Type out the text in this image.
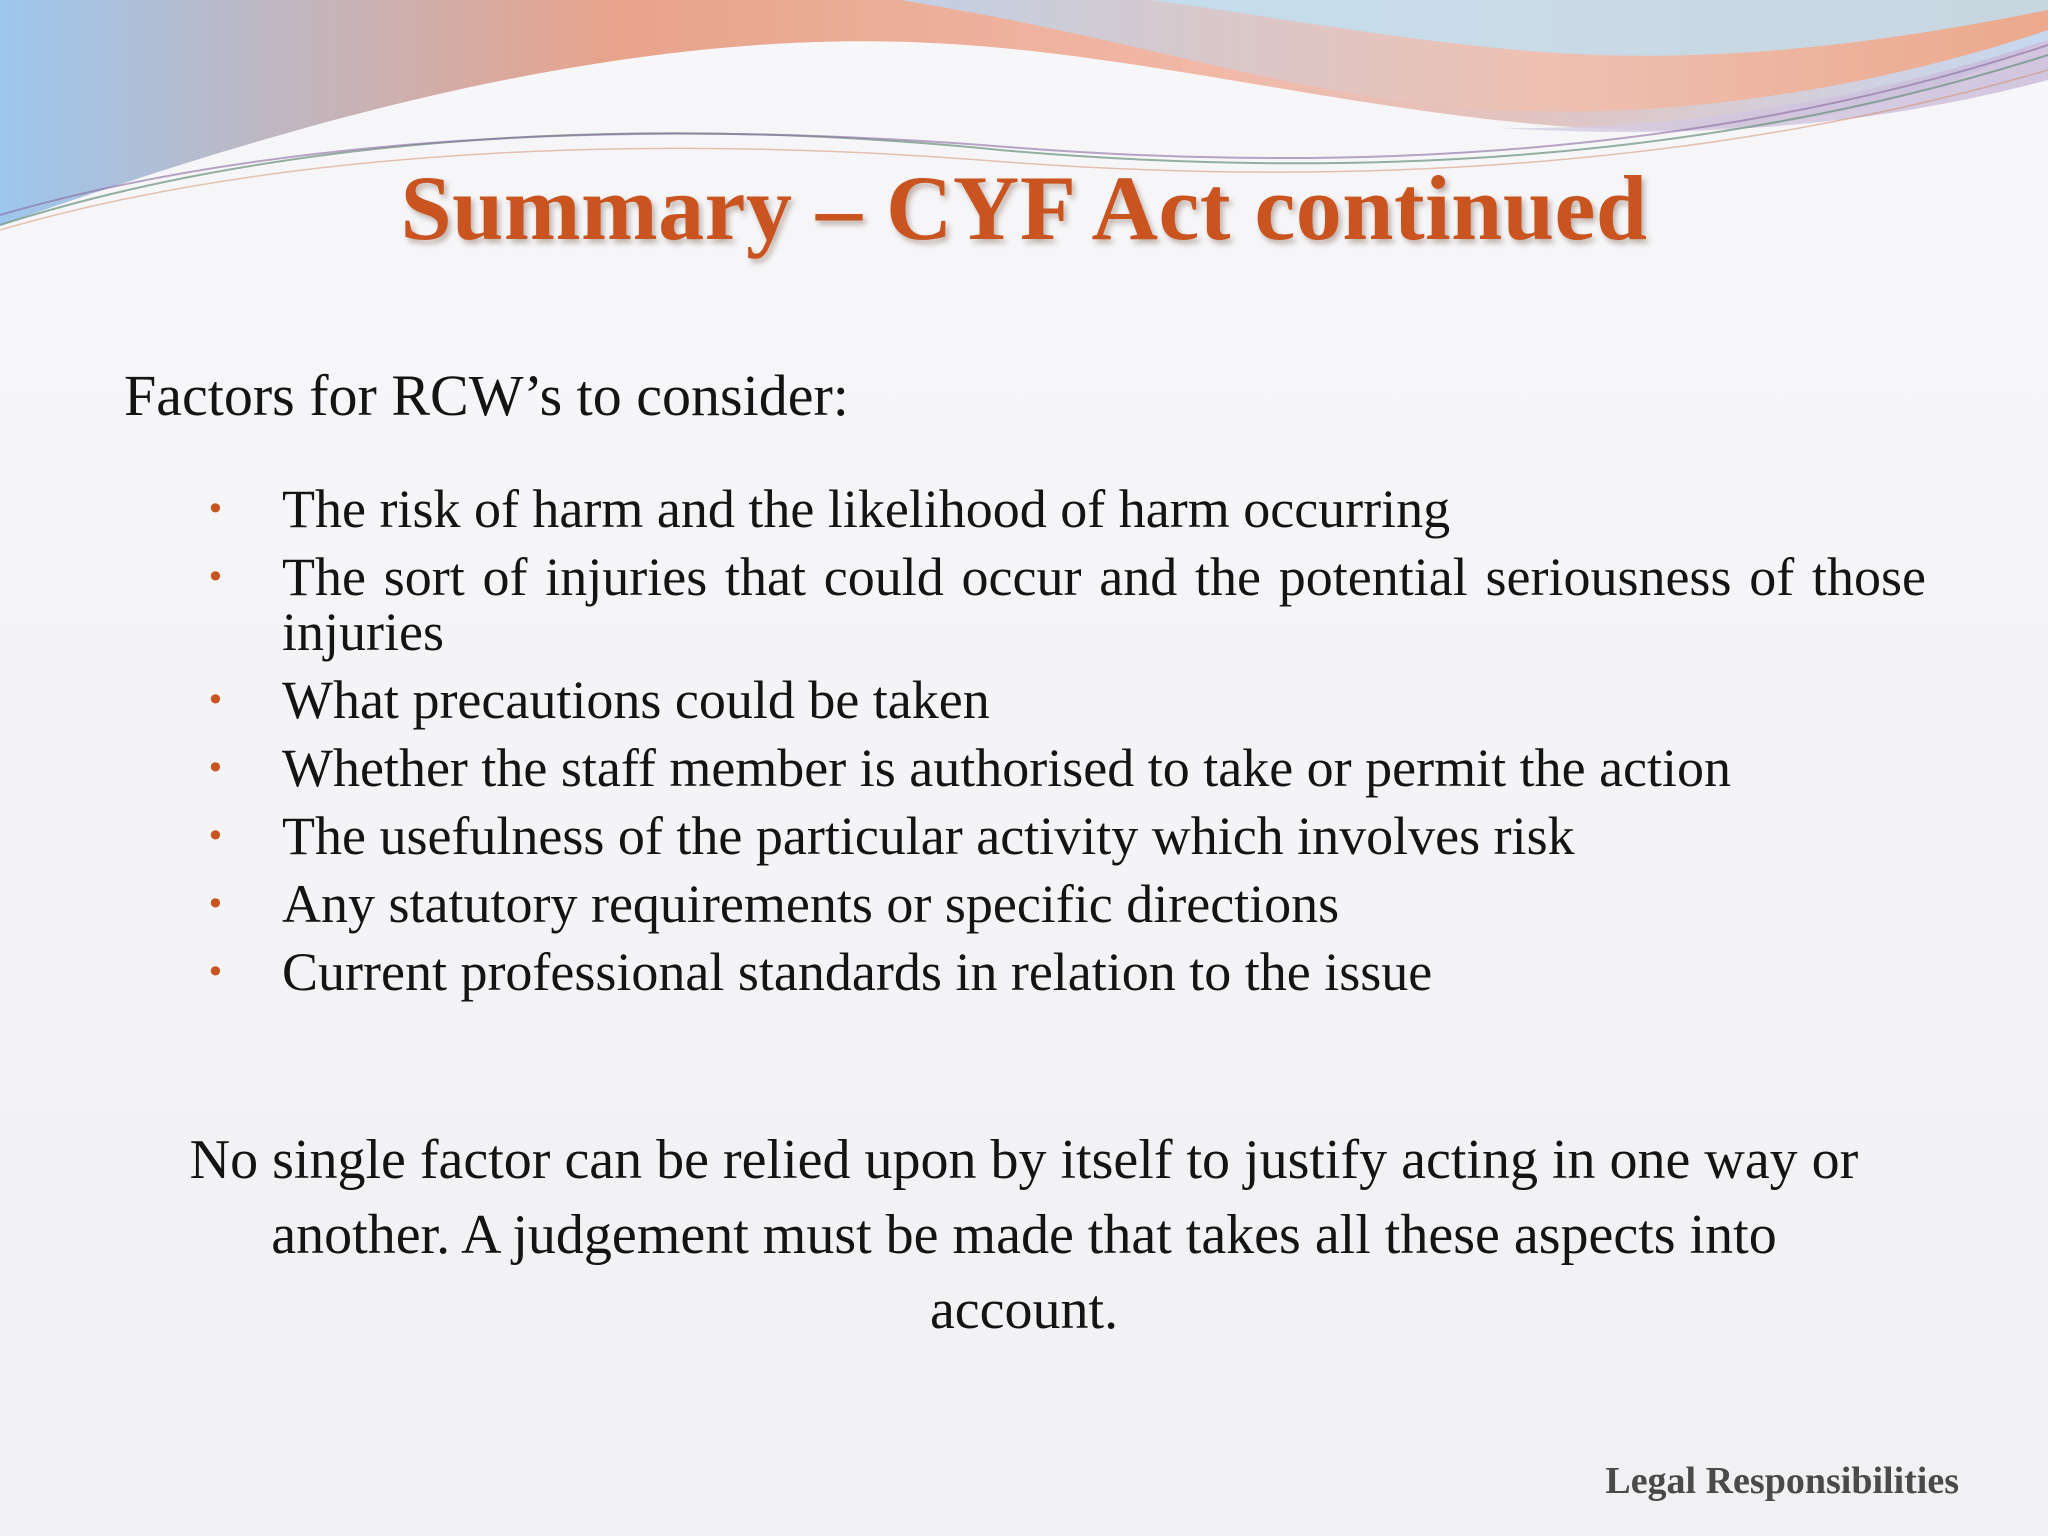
Summary – CYF Act continued

Factors for RCW’s to consider:

• The risk of harm and the likelihood of harm occurring
• The sort of injuries that could occur and the potential seriousness of those injuries
• What precautions could be taken
• Whether the staff member is authorised to take or permit the action
• The usefulness of the particular activity which involves risk
• Any statutory requirements or specific directions
• Current professional standards in relation to the issue

No single factor can be relied upon by itself to justify acting in one way or another. A judgement must be made that takes all these aspects into account.

Legal Responsibilities
